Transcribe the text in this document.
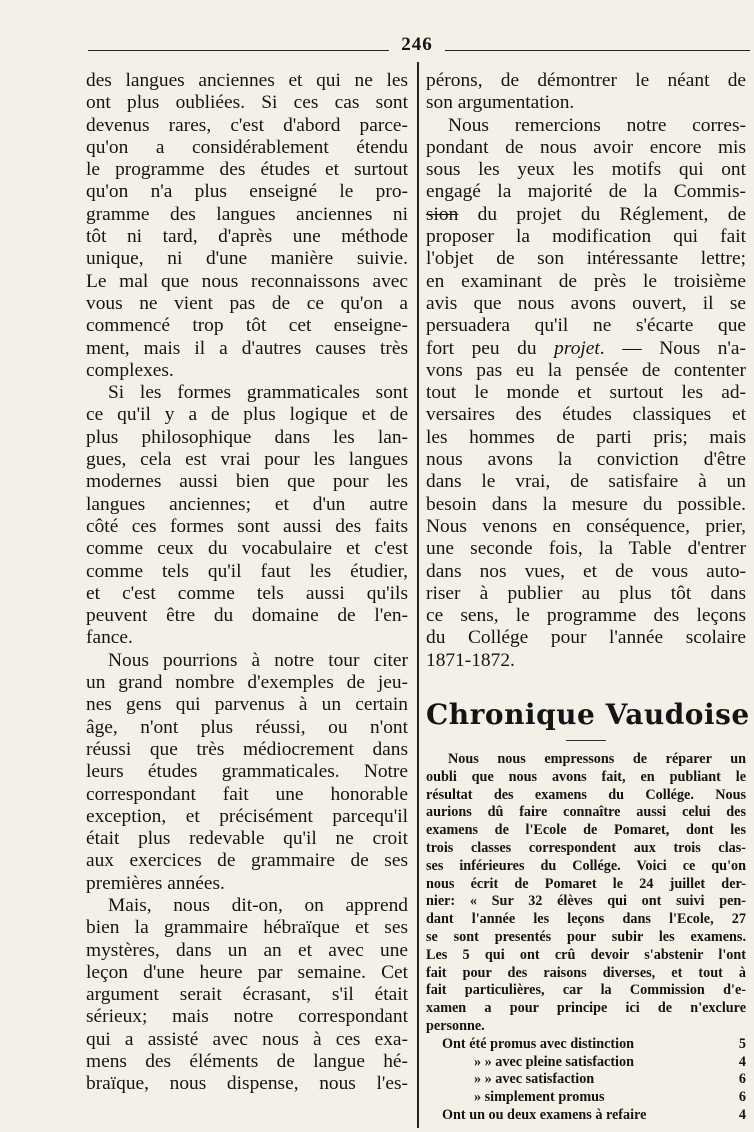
246
des langues anciennes et qui ne les
ont plus oubliées. Si ces cas sont
devenus rares, c'est d'abord parce-
qu'on a considérablement étendu
le programme des études et surtout
qu'on n'a plus enseigné le pro-
gramme des langues anciennes ni
tôt ni tard, d'après une méthode
unique, ni d'une manière suivie.
Le mal que nous reconnaissons avec
vous ne vient pas de ce qu'on a
commencé trop tôt cet enseigne-
ment, mais il a d'autres causes très
complexes.
Si les formes grammaticales sont
ce qu'il y a de plus logique et de
plus philosophique dans les lan-
gues, cela est vrai pour les langues
modernes aussi bien que pour les
langues anciennes; et d'un autre
côté ces formes sont aussi des faits
comme ceux du vocabulaire et c'est
comme tels qu'il faut les étudier,
et c'est comme tels aussi qu'ils
peuvent être du domaine de l'en-
fance.
Nous pourrions à notre tour citer
un grand nombre d'exemples de jeu-
nes gens qui parvenus à un certain
âge, n'ont plus réussi, ou n'ont
réussi que très médiocrement dans
leurs études grammaticales. Notre
correspondant fait une honorable
exception, et précisément parcequ'il
était plus redevable qu'il ne croit
aux exercices de grammaire de ses
premières années.
Mais, nous dit-on, on apprend
bien la grammaire hébraïque et ses
mystères, dans un an et avec une
leçon d'une heure par semaine. Cet
argument serait écrasant, s'il était
sérieux; mais notre correspondant
qui a assisté avec nous à ces exa-
mens des éléments de langue hé-
braïque, nous dispense, nous l'es-
pérons, de démontrer le néant de
son argumentation.
Nous remercions notre corres-
pondant de nous avoir encore mis
sous les yeux les motifs qui ont
engagé la majorité de la Commis-
sion du projet du Réglement, de
proposer la modification qui fait
l'objet de son intéressante lettre;
en examinant de près le troisième
avis que nous avons ouvert, il se
persuadera qu'il ne s'écarte que
fort peu du projet. — Nous n'a-
vons pas eu la pensée de contenter
tout le monde et surtout les ad-
versaires des études classiques et
les hommes de parti pris; mais
nous avons la conviction d'être
dans le vrai, de satisfaire à un
besoin dans la mesure du possible.
Nous venons en conséquence, prier,
une seconde fois, la Table d'entrer
dans nos vues, et de vous auto-
riser à publier au plus tôt dans
ce sens, le programme des leçons
du Collége pour l'année scolaire
1871-1872.
Chronique Vaudoise
Nous nous empressons de réparer un
oubli que nous avons fait, en publiant le
résultat des examens du Collége. Nous
aurions dû faire connaître aussi celui des
examens de l'Ecole de Pomaret, dont les
trois classes correspondent aux trois clas-
ses inférieures du Collége. Voici ce qu'on
nous écrit de Pomaret le 24 juillet der-
nier: « Sur 32 élèves qui ont suivi pen-
dant l'année les leçons dans l'Ecole, 27
se sont presentés pour subir les examens.
Les 5 qui ont crû devoir s'abstenir l'ont
fait pour des raisons diverses, et tout à
fait particulières, car la Commission d'e-
xamen a pour principe ici de n'exclure
personne.
Ont été promus avec distinction	5
» » avec pleine satisfaction	4
» » avec satisfaction	6
» simplement promus	6
Ont un ou deux examens à refaire	4
